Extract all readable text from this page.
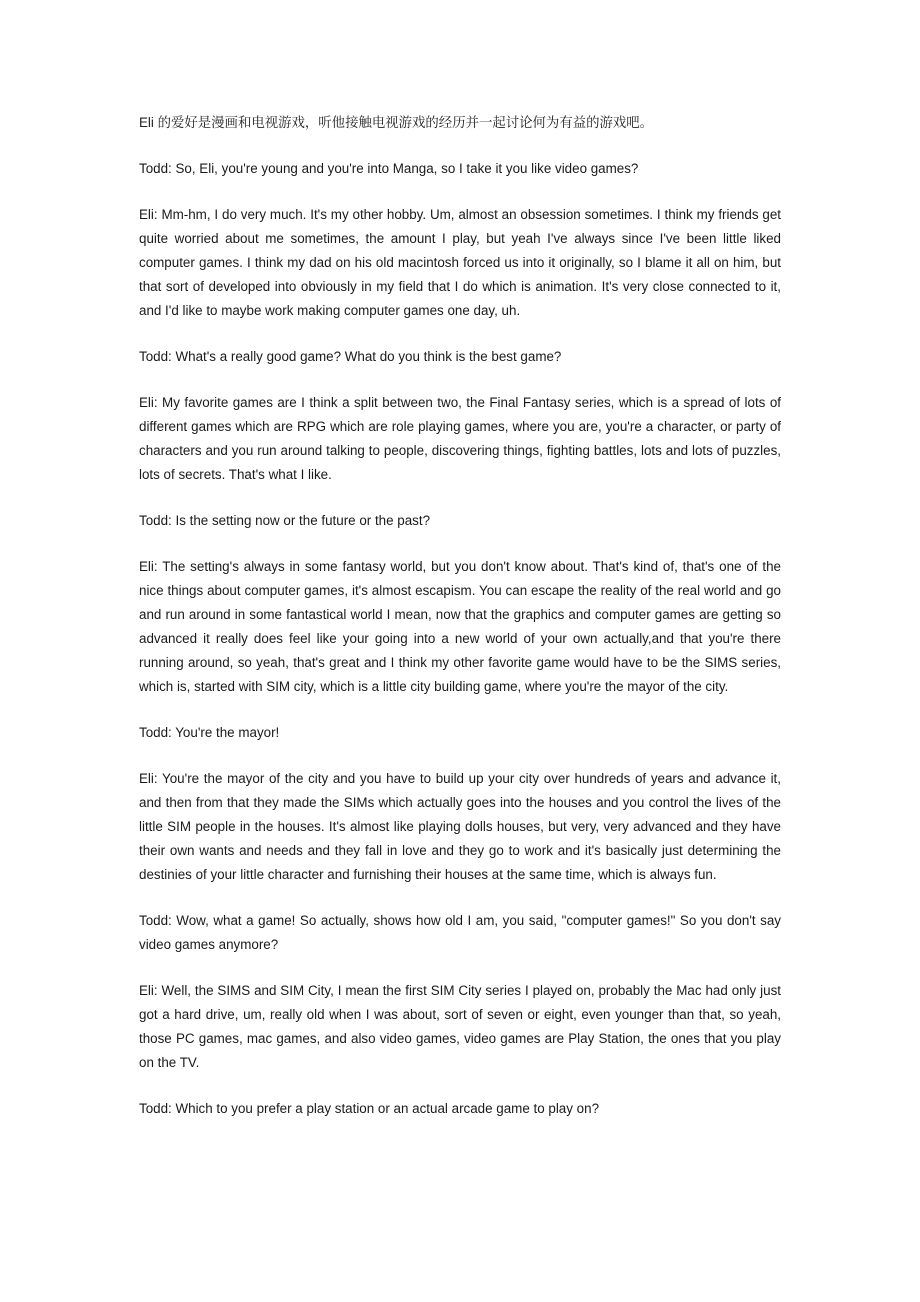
Eli 的爱好是漫画和电视游戏，听他接触电视游戏的经历并一起讨论何为有益的游戏吧。

Todd: So, Eli, you're young and you're into Manga, so I take it you like video games?

Eli: Mm-hm, I do very much. It's my other hobby. Um, almost an obsession sometimes. I think my friends get quite worried about me sometimes, the amount I play, but yeah I've always since I've been little liked computer games. I think my dad on his old macintosh forced us into it originally, so I blame it all on him, but that sort of developed into obviously in my field that I do which is animation. It's very close connected to it, and I'd like to maybe work making computer games one day, uh.

Todd: What's a really good game? What do you think is the best game?

Eli: My favorite games are I think a split between two, the Final Fantasy series, which is a spread of lots of different games which are RPG which are role playing games, where you are, you're a character, or party of characters and you run around talking to people, discovering things, fighting battles, lots and lots of puzzles, lots of secrets. That's what I like.

Todd: Is the setting now or the future or the past?

Eli: The setting's always in some fantasy world, but you don't know about. That's kind of, that's one of the nice things about computer games, it's almost escapism. You can escape the reality of the real world and go and run around in some fantastical world I mean, now that the graphics and computer games are getting so advanced it really does feel like your going into a new world of your own actually,and that you're there running around, so yeah, that's great and I think my other favorite game would have to be the SIMS series, which is, started with SIM city, which is a little city building game, where you're the mayor of the city.

Todd: You're the mayor!

Eli: You're the mayor of the city and you have to build up your city over hundreds of years and advance it, and then from that they made the SIMs which actually goes into the houses and you control the lives of the little SIM people in the houses. It's almost like playing dolls houses, but very, very advanced and they have their own wants and needs and they fall in love and they go to work and it's basically just determining the destinies of your little character and furnishing their houses at the same time, which is always fun.

Todd: Wow, what a game! So actually, shows how old I am, you said, "computer games!" So you don't say video games anymore?

Eli: Well, the SIMS and SIM City, I mean the first SIM City series I played on, probably the Mac had only just got a hard drive, um, really old when I was about, sort of seven or eight, even younger than that, so yeah, those PC games, mac games, and also video games, video games are Play Station, the ones that you play on the TV.

Todd: Which to you prefer a play station or an actual arcade game to play on?
